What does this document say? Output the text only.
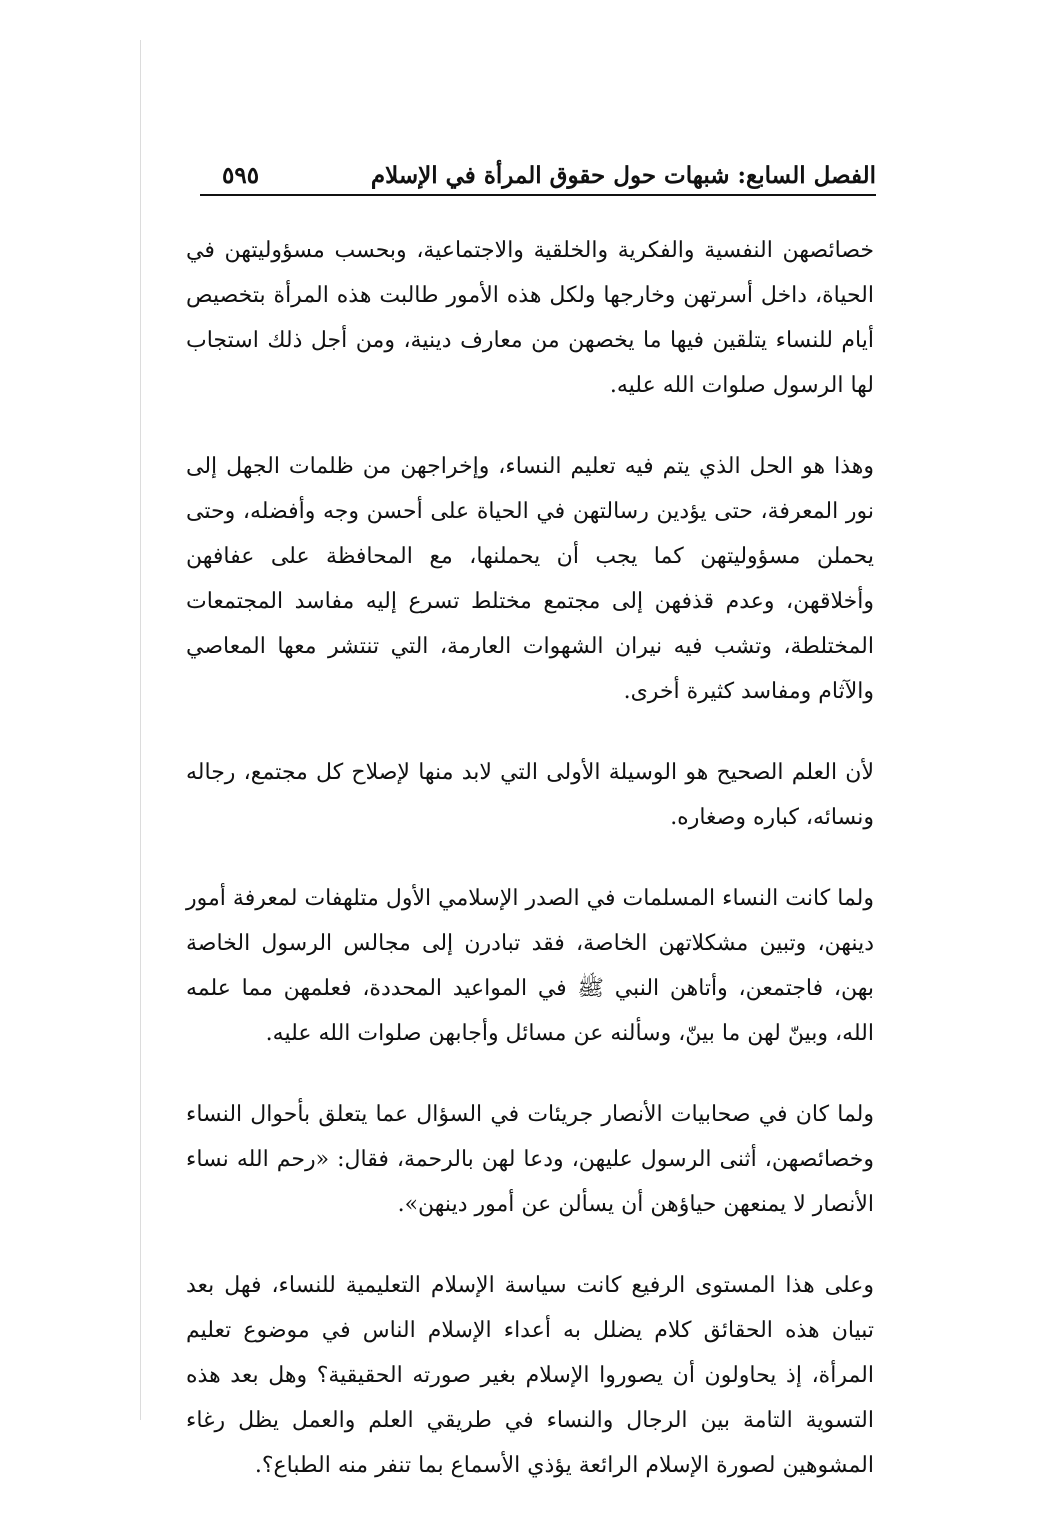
الفصل السابع: شبهات حول حقوق المرأة في الإسلام
٥٩٥

خصائصهن النفسية والفكرية والخلقية والاجتماعية، وبحسب مسؤوليتهن في الحياة، داخل أسرتهن وخارجها ولكل هذه الأمور طالبت هذه المرأة بتخصيص أيام للنساء يتلقين فيها ما يخصهن من معارف دينية، ومن أجل ذلك استجاب لها الرسول صلوات الله عليه.

وهذا هو الحل الذي يتم فيه تعليم النساء، وإخراجهن من ظلمات الجهل إلى نور المعرفة، حتى يؤدين رسالتهن في الحياة على أحسن وجه وأفضله، وحتى يحملن مسؤوليتهن كما يجب أن يحملنها، مع المحافظة على عفافهن وأخلاقهن، وعدم قذفهن إلى مجتمع مختلط تسرع إليه مفاسد المجتمعات المختلطة، وتشب فيه نيران الشهوات العارمة، التي تنتشر معها المعاصي والآثام ومفاسد كثيرة أخرى.

لأن العلم الصحيح هو الوسيلة الأولى التي لابد منها لإصلاح كل مجتمع، رجاله ونسائه، كباره وصغاره.

ولما كانت النساء المسلمات في الصدر الإسلامي الأول متلهفات لمعرفة أمور دينهن، وتبين مشكلاتهن الخاصة، فقد تبادرن إلى مجالس الرسول الخاصة بهن، فاجتمعن، وأتاهن النبي ﷺ في المواعيد المحددة، فعلمهن مما علمه الله، وبينّ لهن ما بينّ، وسألنه عن مسائل وأجابهن صلوات الله عليه.

ولما كان في صحابيات الأنصار جريئات في السؤال عما يتعلق بأحوال النساء وخصائصهن، أثنى الرسول عليهن، ودعا لهن بالرحمة، فقال: «رحم الله نساء الأنصار لا يمنعهن حياؤهن أن يسألن عن أمور دينهن».

وعلى هذا المستوى الرفيع كانت سياسة الإسلام التعليمية للنساء، فهل بعد تبيان هذه الحقائق كلام يضلل به أعداء الإسلام الناس في موضوع تعليم المرأة، إذ يحاولون أن يصوروا الإسلام بغير صورته الحقيقية؟ وهل بعد هذه التسوية التامة بين الرجال والنساء في طريقي العلم والعمل يظل رغاء المشوهين لصورة الإسلام الرائعة يؤذي الأسماع بما تنفر منه الطباع؟.
